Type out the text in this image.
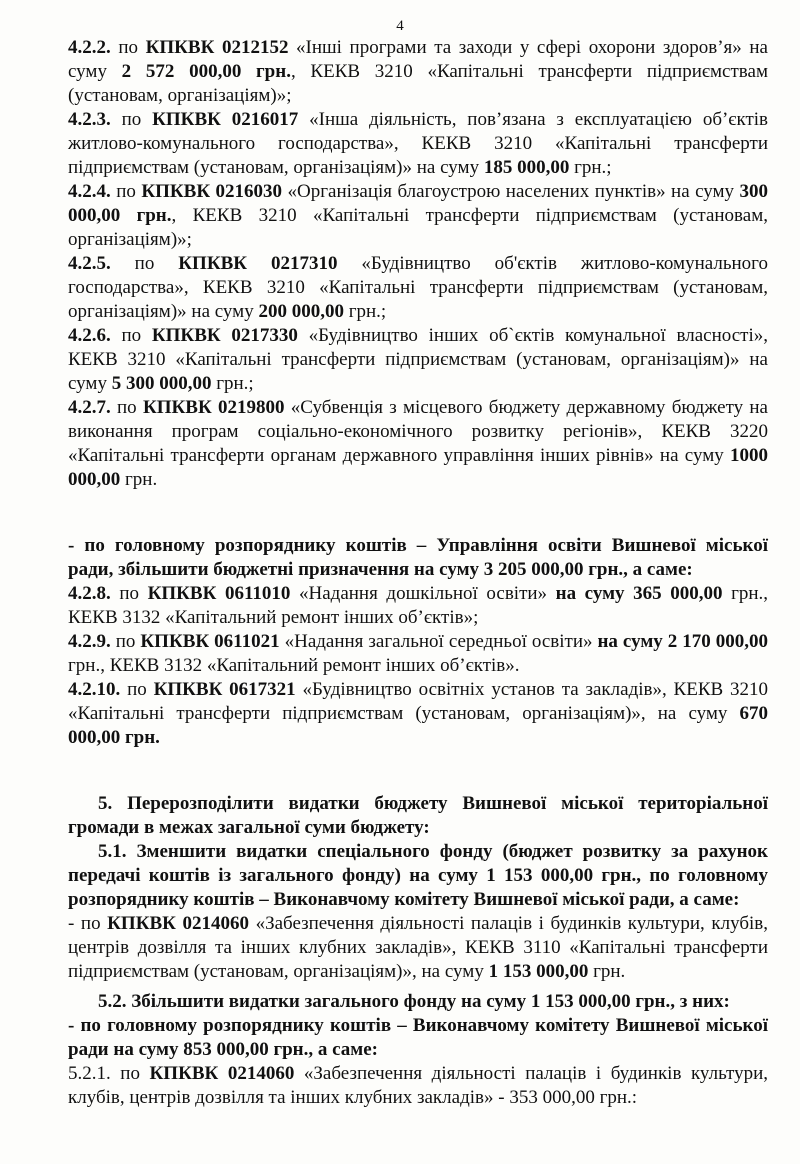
4

4.2.2. по КПКВК 0212152 «Інші програми та заходи у сфері охорони здоров’я» на суму 2 572 000,00 грн., КЕКВ 3210 «Капітальні трансферти підприємствам (установам, організаціям)»;

4.2.3. по КПКВК 0216017 «Інша діяльність, пов’язана з експлуатацією об’єктів житлово-комунального господарства», КЕКВ 3210 «Капітальні трансферти підприємствам (установам, організаціям)» на суму 185 000,00 грн.;

4.2.4. по КПКВК 0216030 «Організація благоустрою населених пунктів» на суму 300 000,00 грн., КЕКВ 3210 «Капітальні трансферти підприємствам (установам, організаціям)»;

4.2.5. по КПКВК 0217310 «Будівництво об'єктів житлово-комунального господарства», КЕКВ 3210 «Капітальні трансферти підприємствам (установам, організаціям)» на суму 200 000,00 грн.;

4.2.6. по КПКВК 0217330 «Будівництво інших об`єктів комунальної власності», КЕКВ 3210 «Капітальні трансферти підприємствам (установам, організаціям)» на суму 5 300 000,00 грн.;

4.2.7. по КПКВК 0219800 «Субвенція з місцевого бюджету державному бюджету на виконання програм соціально-економічного розвитку регіонів», КЕКВ 3220 «Капітальні трансферти органам державного управління інших рівнів» на суму 1000 000,00 грн.

- по головному розпоряднику коштів – Управління освіти Вишневої міської ради, збільшити бюджетні призначення на суму 3 205 000,00 грн., а саме:

4.2.8. по КПКВК 0611010 «Надання дошкільної освіти» на суму 365 000,00 грн., КЕКВ 3132 «Капітальний ремонт інших об’єктів»;

4.2.9. по КПКВК 0611021 «Надання загальної середньої освіти» на суму 2 170 000,00 грн., КЕКВ 3132 «Капітальний ремонт інших об’єктів».

4.2.10. по КПКВК 0617321 «Будівництво освітніх установ та закладів», КЕКВ 3210 «Капітальні трансферти підприємствам (установам, організаціям)», на суму 670 000,00 грн.

5. Перерозподілити видатки бюджету Вишневої міської територіальної громади в межах загальної суми бюджету:

5.1. Зменшити видатки спеціального фонду (бюджет розвитку за рахунок передачі коштів із загального фонду) на суму 1 153 000,00 грн., по головному розпоряднику коштів – Виконавчому комітету Вишневої міської ради, а саме:

- по КПКВК 0214060 «Забезпечення діяльності палаців і будинків культури, клубів, центрів дозвілля та інших клубних закладів», КЕКВ 3110 «Капітальні трансферти підприємствам (установам, організаціям)», на суму 1 153 000,00 грн.

5.2. Збільшити видатки загального фонду на суму 1 153 000,00 грн., з них:

- по головному розпоряднику коштів – Виконавчому комітету Вишневої міської ради на суму 853 000,00 грн., а саме:

5.2.1. по КПКВК 0214060 «Забезпечення діяльності палаців і будинків культури, клубів, центрів дозвілля та інших клубних закладів» - 353 000,00 грн.:
